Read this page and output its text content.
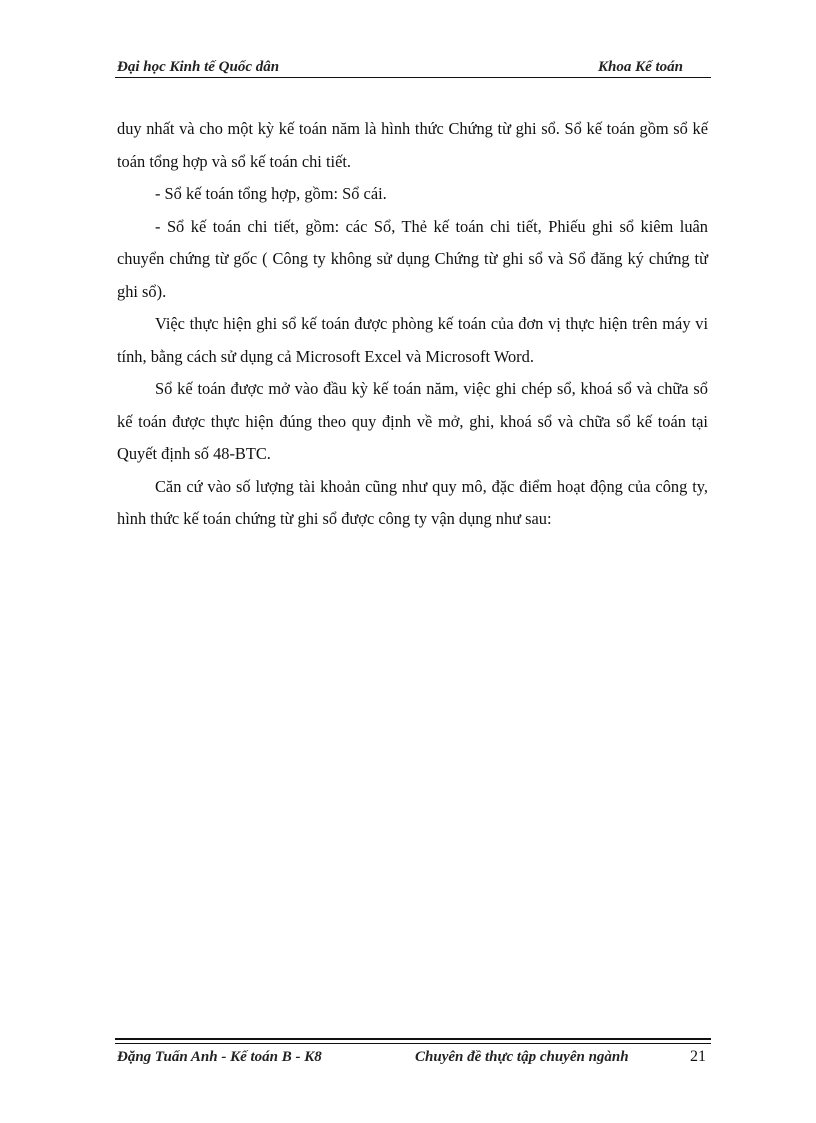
Đại học Kinh tế Quốc dân	Khoa Kế toán

duy nhất và cho một kỳ kế toán năm là hình thức Chứng từ ghi sổ. Sổ kế toán gồm sổ kế toán tổng hợp và sổ kế toán chi tiết.

- Sổ kế toán tổng hợp, gồm: Sổ cái.

- Sổ kế toán chi tiết, gồm: các Sổ, Thẻ kế toán chi tiết, Phiếu ghi sổ kiêm luân chuyển chứng từ gốc ( Công ty không sử dụng Chứng từ ghi sổ và Sổ đăng ký chứng từ ghi sổ).

Việc thực hiện ghi sổ kế toán được phòng kế toán của đơn vị thực hiện trên máy vi tính, bằng cách sử dụng cả Microsoft Excel và Microsoft Word.

Sổ kế toán được mở vào đầu kỳ kế toán năm, việc ghi chép sổ, khoá sổ và chữa sổ kế toán được thực hiện đúng theo quy định về mở, ghi, khoá sổ và chữa sổ kế toán tại Quyết định số 48-BTC.

Căn cứ vào số lượng tài khoản cũng như quy mô, đặc điểm hoạt động của công ty, hình thức kế toán chứng từ ghi sổ được công ty vận dụng như sau:

Đặng Tuấn Anh - Kế toán B - K8	Chuyên đề thực tập chuyên ngành	21
